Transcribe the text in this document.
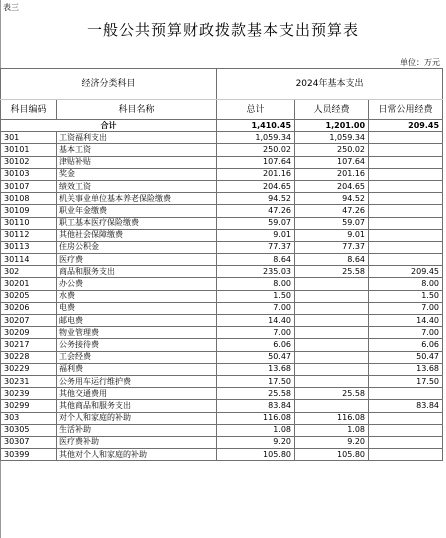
表三
一般公共预算财政拨款基本支出预算表
单位：万元
经济分类科目		2024年基本支出		
科目编码	科目名称	总计	人员经费	日常公用经费
合计		1,410.45	1,201.00	209.45
301	工资福利支出	1,059.34	1,059.34	
30101	基本工资	250.02	250.02	
30102	津贴补贴	107.64	107.64	
30103	奖金	201.16	201.16	
30107	绩效工资	204.65	204.65	
30108	机关事业单位基本养老保险缴费	94.52	94.52	
30109	职业年金缴费	47.26	47.26	
30110	职工基本医疗保险缴费	59.07	59.07	
30112	其他社会保障缴费	9.01	9.01	
30113	住房公积金	77.37	77.37	
30114	医疗费	8.64	8.64	
302	商品和服务支出	235.03	25.58	209.45
30201	办公费	8.00		8.00
30205	水费	1.50		1.50
30206	电费	7.00		7.00
30207	邮电费	14.40		14.40
30209	物业管理费	7.00		7.00
30217	公务接待费	6.06		6.06
30228	工会经费	50.47		50.47
30229	福利费	13.68		13.68
30231	公务用车运行维护费	17.50		17.50
30239	其他交通费用	25.58	25.58	
30299	其他商品和服务支出	83.84		83.84
303	对个人和家庭的补助	116.08	116.08	
30305	生活补助	1.08	1.08	
30307	医疗费补助	9.20	9.20	
30399	其他对个人和家庭的补助	105.80	105.80	
